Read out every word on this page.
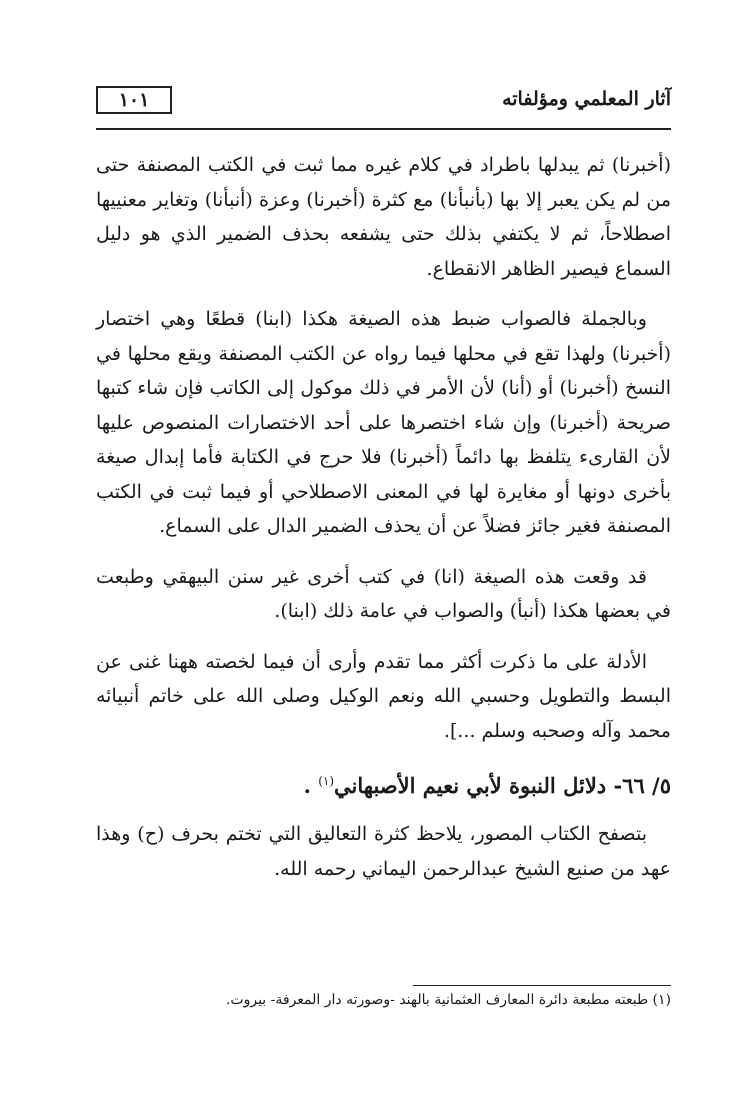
آثار المعلمي ومؤلفاته
١٠١

(أخبرنا) ثم يبدلها باطراد في كلام غيره مما ثبت في الكتب المصنفة حتى من لم يكن يعبر إلا بها (بأنبأنا) مع كثرة (أخبرنا) وعزة (أنبأنا) وتغاير معنييها اصطلاحاً، ثم لا يكتفي بذلك حتى يشفعه بحذف الضمير الذي هو دليل السماع فيصير الظاهر الانقطاع.

وبالجملة فالصواب ضبط هذه الصيغة هكذا (ابنا) قطعًا وهي اختصار (أخبرنا) ولهذا تقع في محلها فيما رواه عن الكتب المصنفة ويقع محلها في النسخ (أخبرنا) أو (أنا) لأن الأمر في ذلك موكول إلى الكاتب فإن شاء كتبها صريحة (أخبرنا) وإن شاء اختصرها على أحد الاختصارات المنصوص عليها لأن القارىء يتلفظ بها دائماً (أخبرنا) فلا حرج في الكتابة فأما إبدال صيغة بأخرى دونها أو مغايرة لها في المعنى الاصطلاحي أو فيما ثبت في الكتب المصنفة فغير جائز فضلاً عن أن يحذف الضمير الدال على السماع.

قد وقعت هذه الصيغة (انا) في كتب أخرى غير سنن البيهقي وطبعت في بعضها هكذا (أنبأ) والصواب في عامة ذلك (ابنا).

الأدلة على ما ذكرت أكثر مما تقدم وأرى أن فيما لخصته ههنا غنى عن البسط والتطويل وحسبي الله ونعم الوكيل وصلى الله على خاتم أنبيائه محمد وآله وصحبه وسلم ...].

٥/ ٦٦- دلائل النبوة لأبي نعيم الأصبهاني$^{(١)}$ .

بتصفح الكتاب المصور، يلاحظ كثرة التعاليق التي تختم بحرف (ح) وهذا عهد من صنيع الشيخ عبدالرحمن اليماني رحمه الله.

(١) طبعته مطبعة دائرة المعارف العثمانية بالهند -وصورته دار المعرفة- بيروت.
